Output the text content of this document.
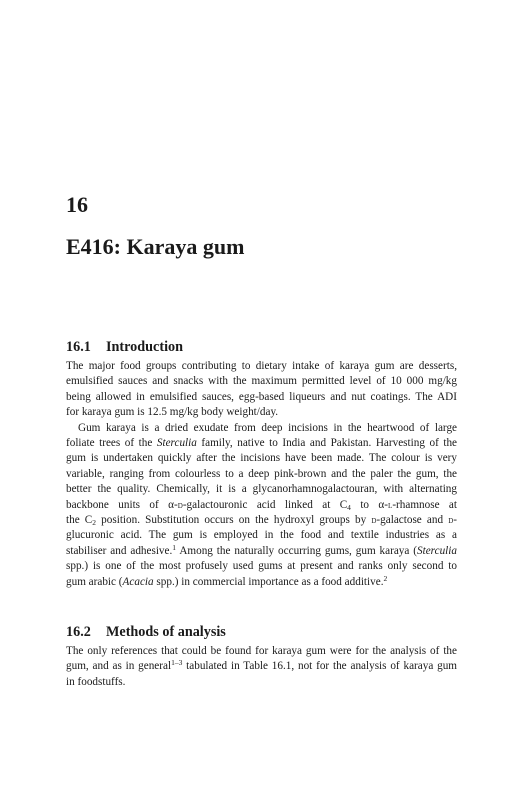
16
E416: Karaya gum
16.1 Introduction
The major food groups contributing to dietary intake of karaya gum are desserts,
emulsified sauces and snacks with the maximum permitted level of 10 000 mg/kg
being allowed in emulsified sauces, egg-based liqueurs and nut coatings. The ADI
for karaya gum is 12.5 mg/kg body weight/day.
Gum karaya is a dried exudate from deep incisions in the heartwood of large
foliate trees of the Sterculia family, native to India and Pakistan. Harvesting of the
gum is undertaken quickly after the incisions have been made. The colour is very
variable, ranging from colourless to a deep pink-brown and the paler the gum, the
better the quality. Chemically, it is a glycanorhamnogalactouran, with alternating
backbone units of α-d-galactouronic acid linked at $C_4$ to α-l-rhamnose at
the $C_2$ position. Substitution occurs on the hydroxyl groups by d-galactose and d-
glucuronic acid. The gum is employed in the food and textile industries as a
stabiliser and adhesive.$^1$ Among the naturally occurring gums, gum karaya (Sterculia
spp.) is one of the most profusely used gums at present and ranks only second to
gum arabic (Acacia spp.) in commercial importance as a food additive.$^2$
16.2 Methods of analysis
The only references that could be found for karaya gum were for the analysis of the
gum, and as in general$^{1-3}$ tabulated in Table 16.1, not for the analysis of karaya gum
in foodstuffs.
